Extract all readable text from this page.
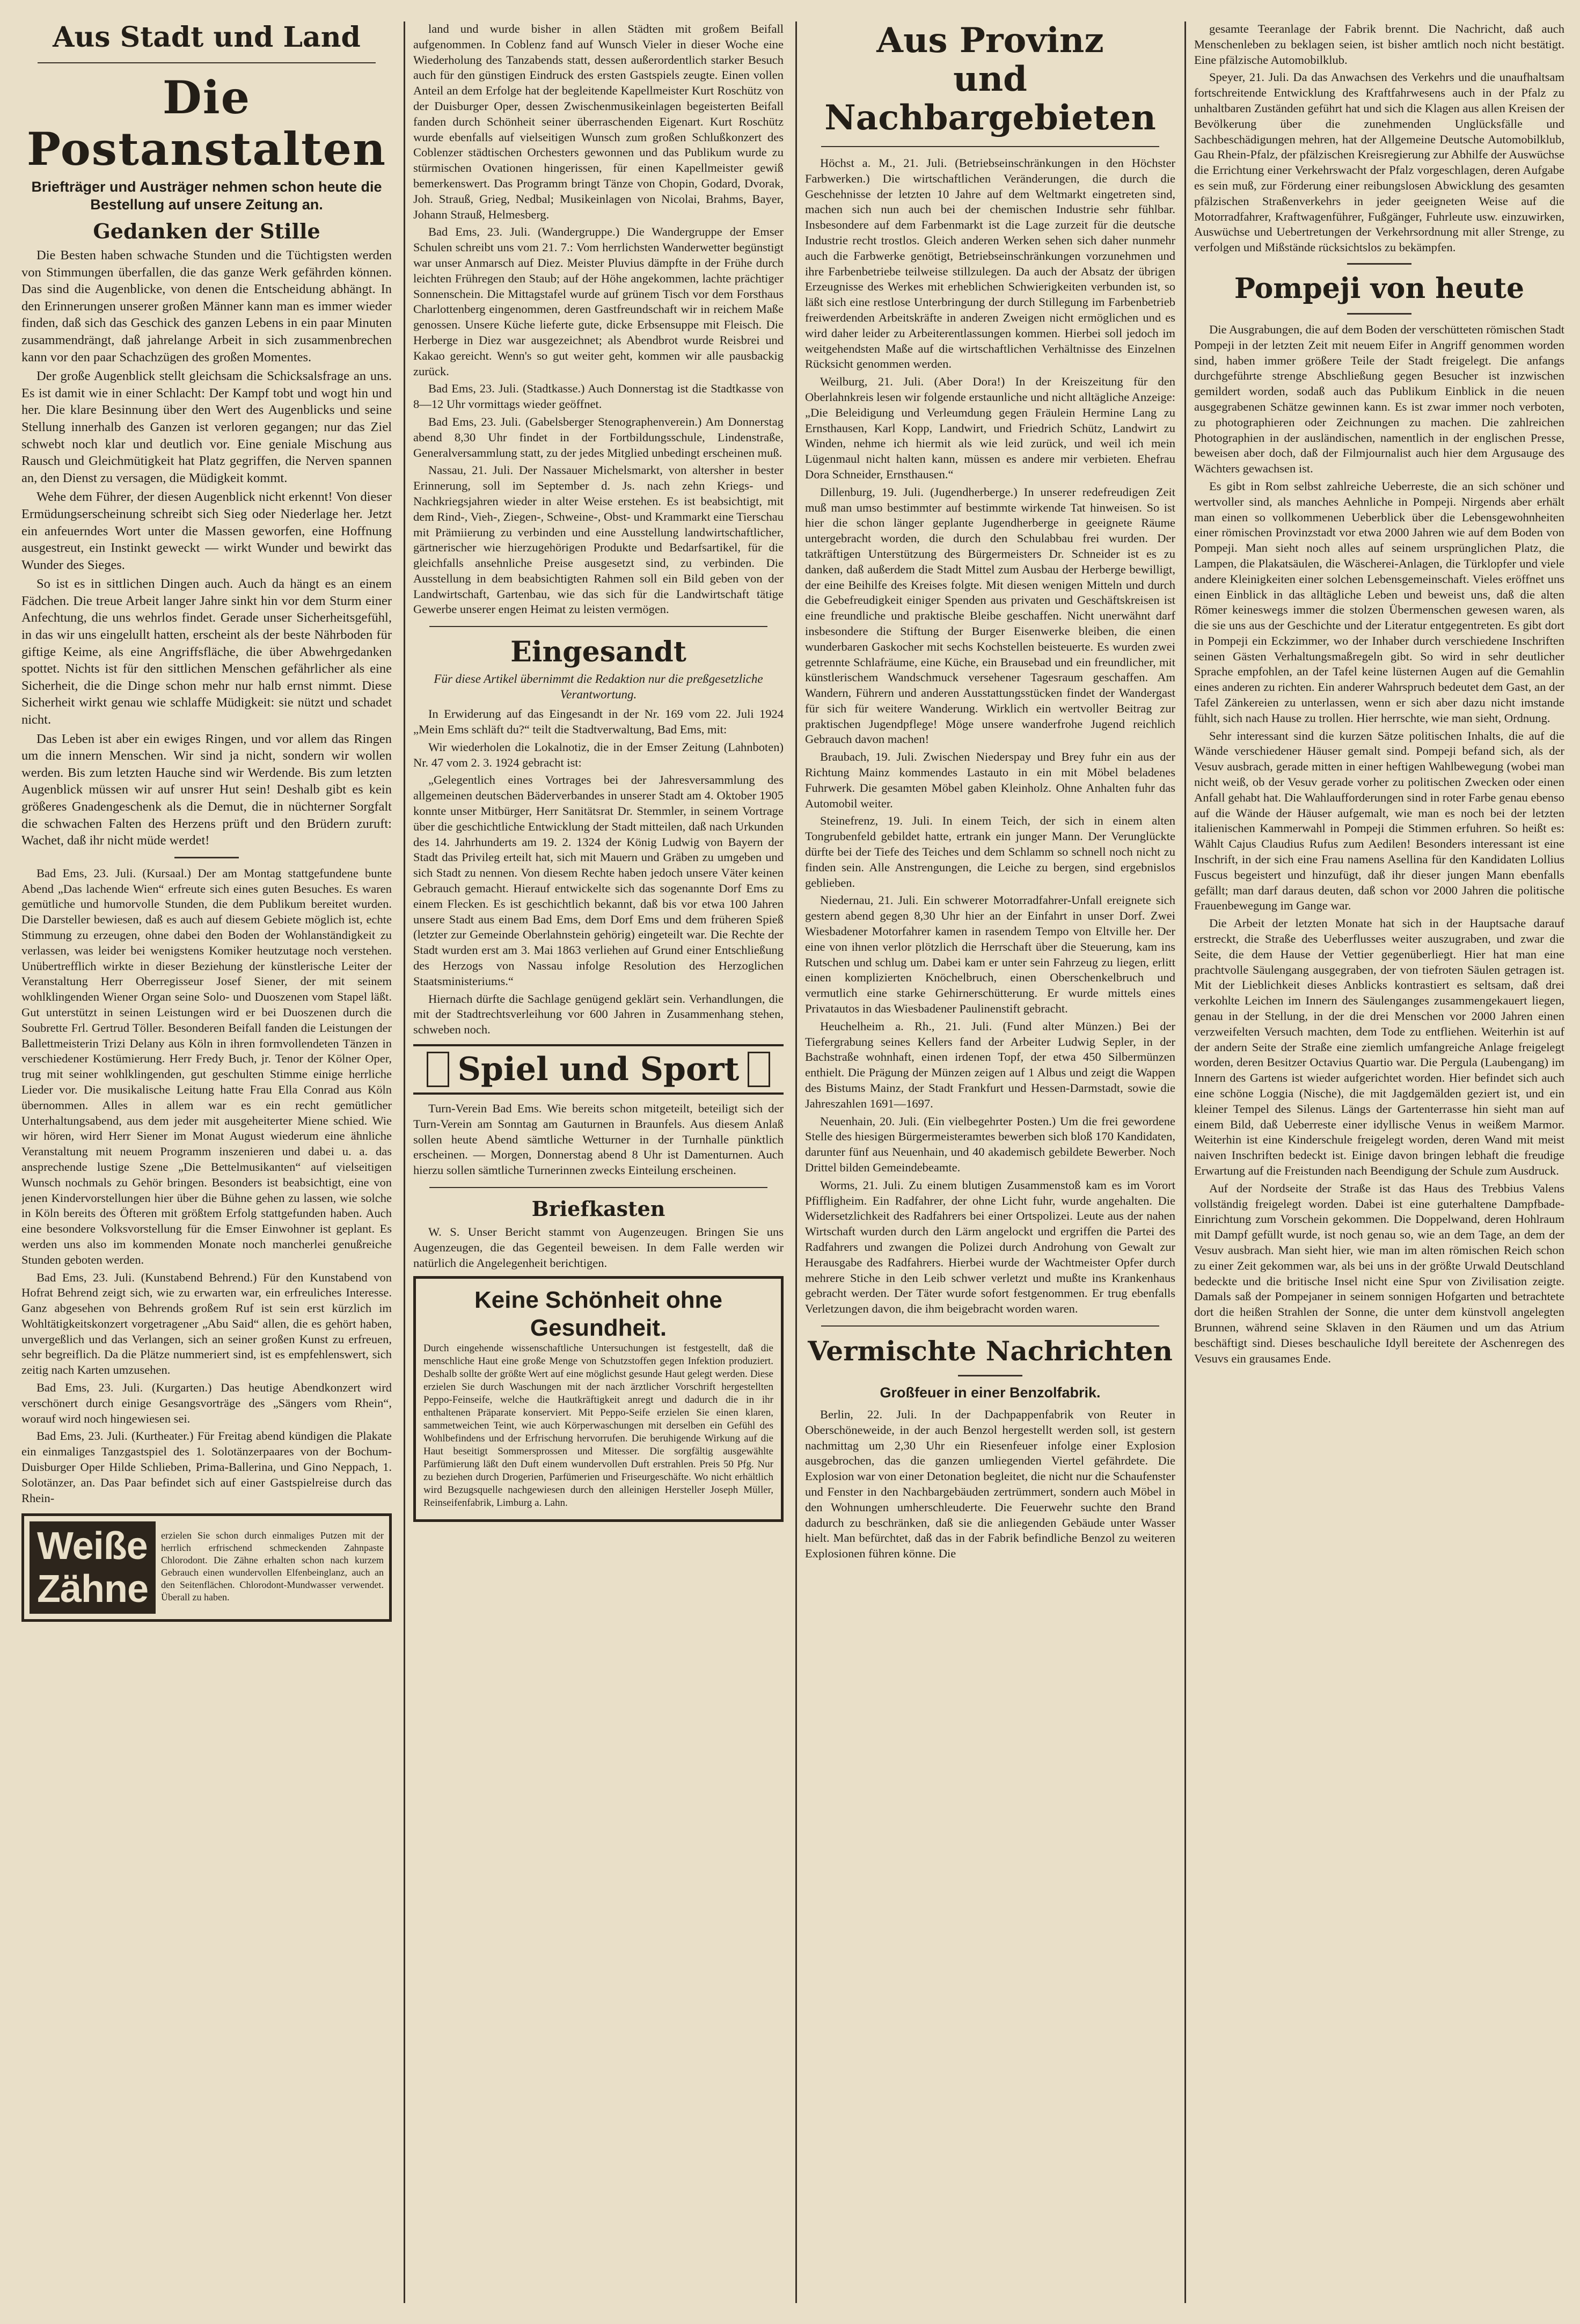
Aus Stadt und Land
Die Postanstalten
Briefträger und Austräger nehmen schon heute die Bestellung auf unsere Zeitung an.
Gedanken der Stille

Die Besten haben schwache Stunden und die Tüchtigsten werden von Stimmungen überfallen, die das ganze Werk gefährden können. Das sind die Augenblicke, von denen die Entscheidung abhängt. In den Erinnerungen unserer großen Männer kann man es immer wieder finden, daß sich das Geschick des ganzen Lebens in ein paar Minuten zusammendrängt, daß jahrelange Arbeit in sich zusammenbrechen kann vor den paar Schachzügen des großen Momentes.

Der große Augenblick stellt gleichsam die Schicksalsfrage an uns. Es ist damit wie in einer Schlacht: Der Kampf tobt und wogt hin und her. Die klare Besinnung über den Wert des Augenblicks und seine Stellung innerhalb des Ganzen ist verloren gegangen; nur das Ziel schwebt noch klar und deutlich vor. Eine geniale Mischung aus Rausch und Gleichmütigkeit hat Platz gegriffen, die Nerven spannen an, den Dienst zu versagen, die Müdigkeit kommt.

Wehe dem Führer, der diesen Augenblick nicht erkennt! Von dieser Ermüdungserscheinung schreibt sich Sieg oder Niederlage her. Jetzt ein anfeuerndes Wort unter die Massen geworfen, eine Hoffnung ausgestreut, ein Instinkt geweckt — wirkt Wunder und bewirkt das Wunder des Sieges.

So ist es in sittlichen Dingen auch. Auch da hängt es an einem Fädchen. Die treue Arbeit langer Jahre sinkt hin vor dem Sturm einer Anfechtung, die uns wehrlos findet. Gerade unser Sicherheitsgefühl, in das wir uns eingelullt hatten, erscheint als der beste Nährboden für giftige Keime, als eine Angriffsfläche, die über Abwehrgedanken spottet. Nichts ist für den sittlichen Menschen gefährlicher als eine Sicherheit, die die Dinge schon mehr nur halb ernst nimmt. Diese Sicherheit wirkt genau wie schlaffe Müdigkeit: sie nützt und schadet nicht.

Das Leben ist aber ein ewiges Ringen, und vor allem das Ringen um die innern Menschen. Wir sind ja nicht, sondern wir wollen werden. Bis zum letzten Hauche sind wir Werdende. Bis zum letzten Augenblick müssen wir auf unsrer Hut sein! Deshalb gibt es kein größeres Gnadengeschenk als die Demut, die in nüchterner Sorgfalt die schwachen Falten des Herzens prüft und den Brüdern zuruft: Wachet, daß ihr nicht müde werdet!

Bad Ems, 23. Juli. (Kursaal.) Der am Montag stattgefundene bunte Abend „Das lachende Wien“ erfreute sich eines guten Besuches. Es waren gemütliche und humorvolle Stunden, die dem Publikum bereitet wurden. Die Darsteller bewiesen, daß es auch auf diesem Gebiete möglich ist, echte Stimmung zu erzeugen, ohne dabei den Boden der Wohlanständigkeit zu verlassen, was leider bei wenigstens Komiker heutzutage noch verstehen. Unübertrefflich wirkte in dieser Beziehung der künstlerische Leiter der Veranstaltung Herr Oberregisseur Josef Siener, der mit seinem wohlklingenden Wiener Organ seine Solo- und Duoszenen vom Stapel läßt. Gut unterstützt in seinen Leistungen wird er bei Duoszenen durch die Soubrette Frl. Gertrud Töller. Besonderen Beifall fanden die Leistungen der Ballettmeisterin Trizi Delany aus Köln in ihren formvollendeten Tänzen in verschiedener Kostümierung. Herr Fredy Buch, jr. Tenor der Kölner Oper, trug mit seiner wohlklingenden, gut geschulten Stimme einige herrliche Lieder vor. Die musikalische Leitung hatte Frau Ella Conrad aus Köln übernommen. Alles in allem war es ein recht gemütlicher Unterhaltungsabend, aus dem jeder mit ausgeheiterter Miene schied. Wie wir hören, wird Herr Siener im Monat August wiederum eine ähnliche Veranstaltung mit neuem Programm inszenieren und dabei u. a. das ansprechende lustige Szene „Die Bettelmusikanten“ auf vielseitigen Wunsch nochmals zu Gehör bringen. Besonders ist beabsichtigt, eine von jenen Kindervorstellungen hier über die Bühne gehen zu lassen, wie solche in Köln bereits des Öfteren mit größtem Erfolg stattgefunden haben. Auch eine besondere Volksvorstellung für die Emser Einwohner ist geplant. Es werden uns also im kommenden Monate noch mancherlei genußreiche Stunden geboten werden.

Bad Ems, 23. Juli. (Kunstabend Behrend.) Für den Kunstabend von Hofrat Behrend zeigt sich, wie zu erwarten war, ein erfreuliches Interesse. Ganz abgesehen von Behrends großem Ruf ist sein erst kürzlich im Wohltätigkeitskonzert vorgetragener „Abu Said“ allen, die es gehört haben, unvergeßlich und das Verlangen, sich an seiner großen Kunst zu erfreuen, sehr begreiflich. Da die Plätze nummeriert sind, ist es empfehlenswert, sich zeitig nach Karten umzusehen.

Bad Ems, 23. Juli. (Kurgarten.) Das heutige Abendkonzert wird verschönert durch einige Gesangsvorträge des „Sängers vom Rhein“, worauf wird noch hingewiesen sei.

Bad Ems, 23. Juli. (Kurtheater.) Für Freitag abend kündigen die Plakate ein einmaliges Tanzgastspiel des 1. Solotänzerpaares von der Bochum-Duisburger Oper Hilde Schlieben, Prima-Ballerina, und Gino Neppach, 1. Solotänzer, an. Das Paar befindet sich auf einer Gastspielreise durch das Rhein-

Weiße Zähne

erzielen Sie schon durch einmaliges Putzen mit der herrlich erfrischend schmeckenden Zahnpaste Chlorodont. Die Zähne erhalten schon nach kurzem Gebrauch einen wundervollen Elfenbeinglanz, auch an den Seitenflächen. Chlorodont-Mundwasser verwendet. Überall zu haben.

land und wurde bisher in allen Städten mit großem Beifall aufgenommen. In Coblenz fand auf Wunsch Vieler in dieser Woche eine Wiederholung des Tanzabends statt, dessen außerordentlich starker Besuch auch für den günstigen Eindruck des ersten Gastspiels zeugte. Einen vollen Anteil an dem Erfolge hat der begleitende Kapellmeister Kurt Roschütz von der Duisburger Oper, dessen Zwischenmusikeinlagen begeisterten Beifall fanden durch Schönheit seiner überraschenden Eigenart. Kurt Roschütz wurde ebenfalls auf vielseitigen Wunsch zum großen Schlußkonzert des Coblenzer städtischen Orchesters gewonnen und das Publikum wurde zu stürmischen Ovationen hingerissen, für einen Kapellmeister gewiß bemerkenswert. Das Programm bringt Tänze von Chopin, Godard, Dvorak, Joh. Strauß, Grieg, Nedbal; Musikeinlagen von Nicolai, Brahms, Bayer, Johann Strauß, Helmesberg.

Bad Ems, 23. Juli. (Wandergruppe.) Die Wandergruppe der Emser Schulen schreibt uns vom 21. 7.: Vom herrlichsten Wanderwetter begünstigt war unser Anmarsch auf Diez. Meister Pluvius dämpfte in der Frühe durch leichten Frühregen den Staub; auf der Höhe angekommen, lachte prächtiger Sonnenschein. Die Mittagstafel wurde auf grünem Tisch vor dem Forsthaus Charlottenberg eingenommen, deren Gastfreundschaft wir in reichem Maße genossen. Unsere Küche lieferte gute, dicke Erbsensuppe mit Fleisch. Die Herberge in Diez war ausgezeichnet; als Abendbrot wurde Reisbrei und Kakao gereicht. Wenn's so gut weiter geht, kommen wir alle pausbackig zurück.

Bad Ems, 23. Juli. (Stadtkasse.) Auch Donnerstag ist die Stadtkasse von 8—12 Uhr vormittags wieder geöffnet.

Bad Ems, 23. Juli. (Gabelsberger Stenographenverein.) Am Donnerstag abend 8,30 Uhr findet in der Fortbildungsschule, Lindenstraße, Generalversammlung statt, zu der jedes Mitglied unbedingt erscheinen muß.

Nassau, 21. Juli. Der Nassauer Michelsmarkt, von altersher in bester Erinnerung, soll im September d. Js. nach zehn Kriegs- und Nachkriegsjahren wieder in alter Weise erstehen. Es ist beabsichtigt, mit dem Rind-, Vieh-, Ziegen-, Schweine-, Obst- und Krammarkt eine Tierschau mit Prämiierung zu verbinden und eine Ausstellung landwirtschaftlicher, gärtnerischer wie hierzugehörigen Produkte und Bedarfsartikel, für die gleichfalls ansehnliche Preise ausgesetzt sind, zu verbinden. Die Ausstellung in dem beabsichtigten Rahmen soll ein Bild geben von der Landwirtschaft, Gartenbau, wie das sich für die Landwirtschaft tätige Gewerbe unserer engen Heimat zu leisten vermögen.

Eingesandt
Für diese Artikel übernimmt die Redaktion nur die preßgesetzliche Verantwortung.

In Erwiderung auf das Eingesandt in der Nr. 169 vom 22. Juli 1924 „Mein Ems schläft du?“ teilt die Stadtverwaltung, Bad Ems, mit:

Wir wiederholen die Lokalnotiz, die in der Emser Zeitung (Lahnboten) Nr. 47 vom 2. 3. 1924 gebracht ist:

„Gelegentlich eines Vortrages bei der Jahresversammlung des allgemeinen deutschen Bäderverbandes in unserer Stadt am 4. Oktober 1905 konnte unser Mitbürger, Herr Sanitätsrat Dr. Stemmler, in seinem Vortrage über die geschichtliche Entwicklung der Stadt mitteilen, daß nach Urkunden des 14. Jahrhunderts am 19. 2. 1324 der König Ludwig von Bayern der Stadt das Privileg erteilt hat, sich mit Mauern und Gräben zu umgeben und sich Stadt zu nennen. Von diesem Rechte haben jedoch unsere Väter keinen Gebrauch gemacht. Hierauf entwickelte sich das sogenannte Dorf Ems zu einem Flecken. Es ist geschichtlich bekannt, daß bis vor etwa 100 Jahren unsere Stadt aus einem Bad Ems, dem Dorf Ems und dem früheren Spieß (letzter zur Gemeinde Oberlahnstein gehörig) eingeteilt war. Die Rechte der Stadt wurden erst am 3. Mai 1863 verliehen auf Grund einer Entschließung des Herzogs von Nassau infolge Resolution des Herzoglichen Staatsministeriums.“

Hiernach dürfte die Sachlage genügend geklärt sein. Verhandlungen, die mit der Stadtrechtsverleihung vor 600 Jahren in Zusammenhang stehen, schweben noch.

Spiel und Sport

Turn-Verein Bad Ems. Wie bereits schon mitgeteilt, beteiligt sich der Turn-Verein am Sonntag am Gauturnen in Braunfels. Aus diesem Anlaß sollen heute Abend sämtliche Wetturner in der Turnhalle pünktlich erscheinen. — Morgen, Donnerstag abend 8 Uhr ist Damenturnen. Auch hierzu sollen sämtliche Turnerinnen zwecks Einteilung erscheinen.

Briefkasten

W. S. Unser Bericht stammt von Augenzeugen. Bringen Sie uns Augenzeugen, die das Gegenteil beweisen. In dem Falle werden wir natürlich die Angelegenheit berichtigen.

Keine Schönheit ohne Gesundheit.

Durch eingehende wissenschaftliche Untersuchungen ist festgestellt, daß die menschliche Haut eine große Menge von Schutzstoffen gegen Infektion produziert. Deshalb sollte der größte Wert auf eine möglichst gesunde Haut gelegt werden. Diese erzielen Sie durch Waschungen mit der nach ärztlicher Vorschrift hergestellten Peppo-Feinseife, welche die Hautkräftigkeit anregt und dadurch die in ihr enthaltenen Präparate konserviert. Mit Peppo-Seife erzielen Sie einen klaren, sammetweichen Teint, wie auch Körperwaschungen mit derselben ein Gefühl des Wohlbefindens und der Erfrischung hervorrufen. Die beruhigende Wirkung auf die Haut beseitigt Sommersprossen und Mitesser. Die sorgfältig ausgewählte Parfümierung läßt den Duft einem wundervollen Duft erstrahlen. Preis 50 Pfg. Nur zu beziehen durch Drogerien, Parfümerien und Friseurgeschäfte. Wo nicht erhältlich wird Bezugsquelle nachgewiesen durch den alleinigen Hersteller Joseph Müller, Reinseifenfabrik, Limburg a. Lahn.

Aus Provinz
und Nachbargebieten

Höchst a. M., 21. Juli. (Betriebseinschränkungen in den Höchster Farbwerken.) Die wirtschaftlichen Veränderungen, die durch die Geschehnisse der letzten 10 Jahre auf dem Weltmarkt eingetreten sind, machen sich nun auch bei der chemischen Industrie sehr fühlbar. Insbesondere auf dem Farbenmarkt ist die Lage zurzeit für die deutsche Industrie recht trostlos. Gleich anderen Werken sehen sich daher nunmehr auch die Farbwerke genötigt, Betriebseinschränkungen vorzunehmen und ihre Farbenbetriebe teilweise stillzulegen. Da auch der Absatz der übrigen Erzeugnisse des Werkes mit erheblichen Schwierigkeiten verbunden ist, so läßt sich eine restlose Unterbringung der durch Stillegung im Farbenbetrieb freiwerdenden Arbeitskräfte in anderen Zweigen nicht ermöglichen und es wird daher leider zu Arbeiterentlassungen kommen. Hierbei soll jedoch im weitgehendsten Maße auf die wirtschaftlichen Verhältnisse des Einzelnen Rücksicht genommen werden.

Weilburg, 21. Juli. (Aber Dora!) In der Kreiszeitung für den Oberlahnkreis lesen wir folgende erstaunliche und nicht alltägliche Anzeige: „Die Beleidigung und Verleumdung gegen Fräulein Hermine Lang zu Ernsthausen, Karl Kopp, Landwirt, und Friedrich Schütz, Landwirt zu Winden, nehme ich hiermit als wie leid zurück, und weil ich mein Lügenmaul nicht halten kann, müssen es andere mir verbieten. Ehefrau Dora Schneider, Ernsthausen.“

Dillenburg, 19. Juli. (Jugendherberge.) In unserer redefreudigen Zeit muß man umso bestimmter auf bestimmte wirkende Tat hinweisen. So ist hier die schon länger geplante Jugendherberge in geeignete Räume untergebracht worden, die durch den Schulabbau frei wurden. Der tatkräftigen Unterstützung des Bürgermeisters Dr. Schneider ist es zu danken, daß außerdem die Stadt Mittel zum Ausbau der Herberge bewilligt, der eine Beihilfe des Kreises folgte. Mit diesen wenigen Mitteln und durch die Gebefreudigkeit einiger Spenden aus privaten und Geschäftskreisen ist eine freundliche und praktische Bleibe geschaffen. Nicht unerwähnt darf insbesondere die Stiftung der Burger Eisenwerke bleiben, die einen wunderbaren Gaskocher mit sechs Kochstellen beisteuerte. Es wurden zwei getrennte Schlafräume, eine Küche, ein Brausebad und ein freundlicher, mit künstlerischem Wandschmuck versehener Tagesraum geschaffen. Am Wandern, Führern und anderen Ausstattungsstücken findet der Wandergast für sich für weitere Wanderung. Wirklich ein wertvoller Beitrag zur praktischen Jugendpflege! Möge unsere wanderfrohe Jugend reichlich Gebrauch davon machen!

Braubach, 19. Juli. Zwischen Niederspay und Brey fuhr ein aus der Richtung Mainz kommendes Lastauto in ein mit Möbel beladenes Fuhrwerk. Die gesamten Möbel gaben Kleinholz. Ohne Anhalten fuhr das Automobil weiter.

Steinefrenz, 19. Juli. In einem Teich, der sich in einem alten Tongrubenfeld gebildet hatte, ertrank ein junger Mann. Der Verunglückte dürfte bei der Tiefe des Teiches und dem Schlamm so schnell noch nicht zu finden sein. Alle Anstrengungen, die Leiche zu bergen, sind ergebnislos geblieben.

Niedernau, 21. Juli. Ein schwerer Motorradfahrer-Unfall ereignete sich gestern abend gegen 8,30 Uhr hier an der Einfahrt in unser Dorf. Zwei Wiesbadener Motorfahrer kamen in rasendem Tempo von Eltville her. Der eine von ihnen verlor plötzlich die Herrschaft über die Steuerung, kam ins Rutschen und schlug um. Dabei kam er unter sein Fahrzeug zu liegen, erlitt einen komplizierten Knöchelbruch, einen Oberschenkelbruch und vermutlich eine starke Gehirnerschütterung. Er wurde mittels eines Privatautos in das Wiesbadener Paulinenstift gebracht.

Heuchelheim a. Rh., 21. Juli. (Fund alter Münzen.) Bei der Tiefergrabung seines Kellers fand der Arbeiter Ludwig Sepler, in der Bachstraße wohnhaft, einen irdenen Topf, der etwa 450 Silbermünzen enthielt. Die Prägung der Münzen zeigen auf 1 Albus und zeigt die Wappen des Bistums Mainz, der Stadt Frankfurt und Hessen-Darmstadt, sowie die Jahreszahlen 1691—1697.

Neuenhain, 20. Juli. (Ein vielbegehrter Posten.) Um die frei gewordene Stelle des hiesigen Bürgermeisteramtes bewerben sich bloß 170 Kandidaten, darunter fünf aus Neuenhain, und 40 akademisch gebildete Bewerber. Noch Drittel bilden Gemeindebeamte.

Worms, 21. Juli. Zu einem blutigen Zusammenstoß kam es im Vorort Pfiffligheim. Ein Radfahrer, der ohne Licht fuhr, wurde angehalten. Die Widersetzlichkeit des Radfahrers bei einer Ortspolizei. Leute aus der nahen Wirtschaft wurden durch den Lärm angelockt und ergriffen die Partei des Radfahrers und zwangen die Polizei durch Androhung von Gewalt zur Herausgabe des Radfahrers. Hierbei wurde der Wachtmeister Opfer durch mehrere Stiche in den Leib schwer verletzt und mußte ins Krankenhaus gebracht werden. Der Täter wurde sofort festgenommen. Er trug ebenfalls Verletzungen davon, die ihm beigebracht worden waren.

Vermischte Nachrichten
Großfeuer in einer Benzolfabrik.

Berlin, 22. Juli. In der Dachpappenfabrik von Reuter in Oberschöneweide, in der auch Benzol hergestellt werden soll, ist gestern nachmittag um 2,30 Uhr ein Riesenfeuer infolge einer Explosion ausgebrochen, das die ganzen umliegenden Viertel gefährdete. Die Explosion war von einer Detonation begleitet, die nicht nur die Schaufenster und Fenster in den Nachbargebäuden zertrümmert, sondern auch Möbel in den Wohnungen umherschleuderte. Die Feuerwehr suchte den Brand dadurch zu beschränken, daß sie die anliegenden Gebäude unter Wasser hielt. Man befürchtet, daß das in der Fabrik befindliche Benzol zu weiteren Explosionen führen könne. Die

gesamte Teeranlage der Fabrik brennt. Die Nachricht, daß auch Menschenleben zu beklagen seien, ist bisher amtlich noch nicht bestätigt. Eine pfälzische Automobilklub.

Speyer, 21. Juli. Da das Anwachsen des Verkehrs und die unaufhaltsam fortschreitende Entwicklung des Kraftfahrwesens auch in der Pfalz zu unhaltbaren Zuständen geführt hat und sich die Klagen aus allen Kreisen der Bevölkerung über die zunehmenden Unglücksfälle und Sachbeschädigungen mehren, hat der Allgemeine Deutsche Automobilklub, Gau Rhein-Pfalz, der pfälzischen Kreisregierung zur Abhilfe der Auswüchse die Errichtung einer Verkehrswacht der Pfalz vorgeschlagen, deren Aufgabe es sein muß, zur Förderung einer reibungslosen Abwicklung des gesamten pfälzischen Straßenverkehrs in jeder geeigneten Weise auf die Motorradfahrer, Kraftwagenführer, Fußgänger, Fuhrleute usw. einzuwirken, Auswüchse und Uebertretungen der Verkehrsordnung mit aller Strenge, zu verfolgen und Mißstände rücksichtslos zu bekämpfen.

Pompeji von heute

Die Ausgrabungen, die auf dem Boden der verschütteten römischen Stadt Pompeji in der letzten Zeit mit neuem Eifer in Angriff genommen worden sind, haben immer größere Teile der Stadt freigelegt. Die anfangs durchgeführte strenge Abschließung gegen Besucher ist inzwischen gemildert worden, sodaß auch das Publikum Einblick in die neuen ausgegrabenen Schätze gewinnen kann. Es ist zwar immer noch verboten, zu photographieren oder Zeichnungen zu machen. Die zahlreichen Photographien in der ausländischen, namentlich in der englischen Presse, beweisen aber doch, daß der Filmjournalist auch hier dem Argusauge des Wächters gewachsen ist.

Es gibt in Rom selbst zahlreiche Ueberreste, die an sich schöner und wertvoller sind, als manches Aehnliche in Pompeji. Nirgends aber erhält man einen so vollkommenen Ueberblick über die Lebensgewohnheiten einer römischen Provinzstadt vor etwa 2000 Jahren wie auf dem Boden von Pompeji. Man sieht noch alles auf seinem ursprünglichen Platz, die Lampen, die Plakatsäulen, die Wäscherei-Anlagen, die Türklopfer und viele andere Kleinigkeiten einer solchen Lebensgemeinschaft. Vieles eröffnet uns einen Einblick in das alltägliche Leben und beweist uns, daß die alten Römer keineswegs immer die stolzen Übermenschen gewesen waren, als die sie uns aus der Geschichte und der Literatur entgegentreten. Es gibt dort in Pompeji ein Eckzimmer, wo der Inhaber durch verschiedene Inschriften seinen Gästen Verhaltungsmaßregeln gibt. So wird in sehr deutlicher Sprache empfohlen, an der Tafel keine lüsternen Augen auf die Gemahlin eines anderen zu richten. Ein anderer Wahrspruch bedeutet dem Gast, an der Tafel Zänkereien zu unterlassen, wenn er sich aber dazu nicht imstande fühlt, sich nach Hause zu trollen. Hier herrschte, wie man sieht, Ordnung.

Sehr interessant sind die kurzen Sätze politischen Inhalts, die auf die Wände verschiedener Häuser gemalt sind. Pompeji befand sich, als der Vesuv ausbrach, gerade mitten in einer heftigen Wahlbewegung (wobei man nicht weiß, ob der Vesuv gerade vorher zu politischen Zwecken oder einen Anfall gehabt hat. Die Wahlaufforderungen sind in roter Farbe genau ebenso auf die Wände der Häuser aufgemalt, wie man es noch bei der letzten italienischen Kammerwahl in Pompeji die Stimmen erfuhren. So heißt es: Wählt Cajus Claudius Rufus zum Aedilen! Besonders interessant ist eine Inschrift, in der sich eine Frau namens Asellina für den Kandidaten Lollius Fuscus begeistert und hinzufügt, daß ihr dieser jungen Mann ebenfalls gefällt; man darf daraus deuten, daß schon vor 2000 Jahren die politische Frauenbewegung im Gange war.

Die Arbeit der letzten Monate hat sich in der Hauptsache darauf erstreckt, die Straße des Ueberflusses weiter auszugraben, und zwar die Seite, die dem Hause der Vettier gegenüberliegt. Hier hat man eine prachtvolle Säulengang ausgegraben, der von tiefroten Säulen getragen ist. Mit der Lieblichkeit dieses Anblicks kontrastiert es seltsam, daß drei verkohlte Leichen im Innern des Säulenganges zusammengekauert liegen, genau in der Stellung, in der die drei Menschen vor 2000 Jahren einen verzweifelten Versuch machten, dem Tode zu entfliehen. Weiterhin ist auf der andern Seite der Straße eine ziemlich umfangreiche Anlage freigelegt worden, deren Besitzer Octavius Quartio war. Die Pergula (Laubengang) im Innern des Gartens ist wieder aufgerichtet worden. Hier befindet sich auch eine schöne Loggia (Nische), die mit Jagdgemälden geziert ist, und ein kleiner Tempel des Silenus. Längs der Gartenterrasse hin sieht man auf einem Bild, daß Ueberreste einer idyllische Venus in weißem Marmor. Weiterhin ist eine Kinderschule freigelegt worden, deren Wand mit meist naiven Inschriften bedeckt ist. Einige davon bringen lebhaft die freudige Erwartung auf die Freistunden nach Beendigung der Schule zum Ausdruck.

Auf der Nordseite der Straße ist das Haus des Trebbius Valens vollständig freigelegt worden. Dabei ist eine guterhaltene Dampfbade-Einrichtung zum Vorschein gekommen. Die Doppelwand, deren Hohlraum mit Dampf gefüllt wurde, ist noch genau so, wie an dem Tage, an dem der Vesuv ausbrach. Man sieht hier, wie man im alten römischen Reich schon zu einer Zeit gekommen war, als bei uns in der größte Urwald Deutschland bedeckte und die britische Insel nicht eine Spur von Zivilisation zeigte. Damals saß der Pompejaner in seinem sonnigen Hofgarten und betrachtete dort die heißen Strahlen der Sonne, die unter dem künstvoll angelegten Brunnen, während seine Sklaven in den Räumen und um das Atrium beschäftigt sind. Dieses beschauliche Idyll bereitete der Aschenregen des Vesuvs ein grausames Ende.
